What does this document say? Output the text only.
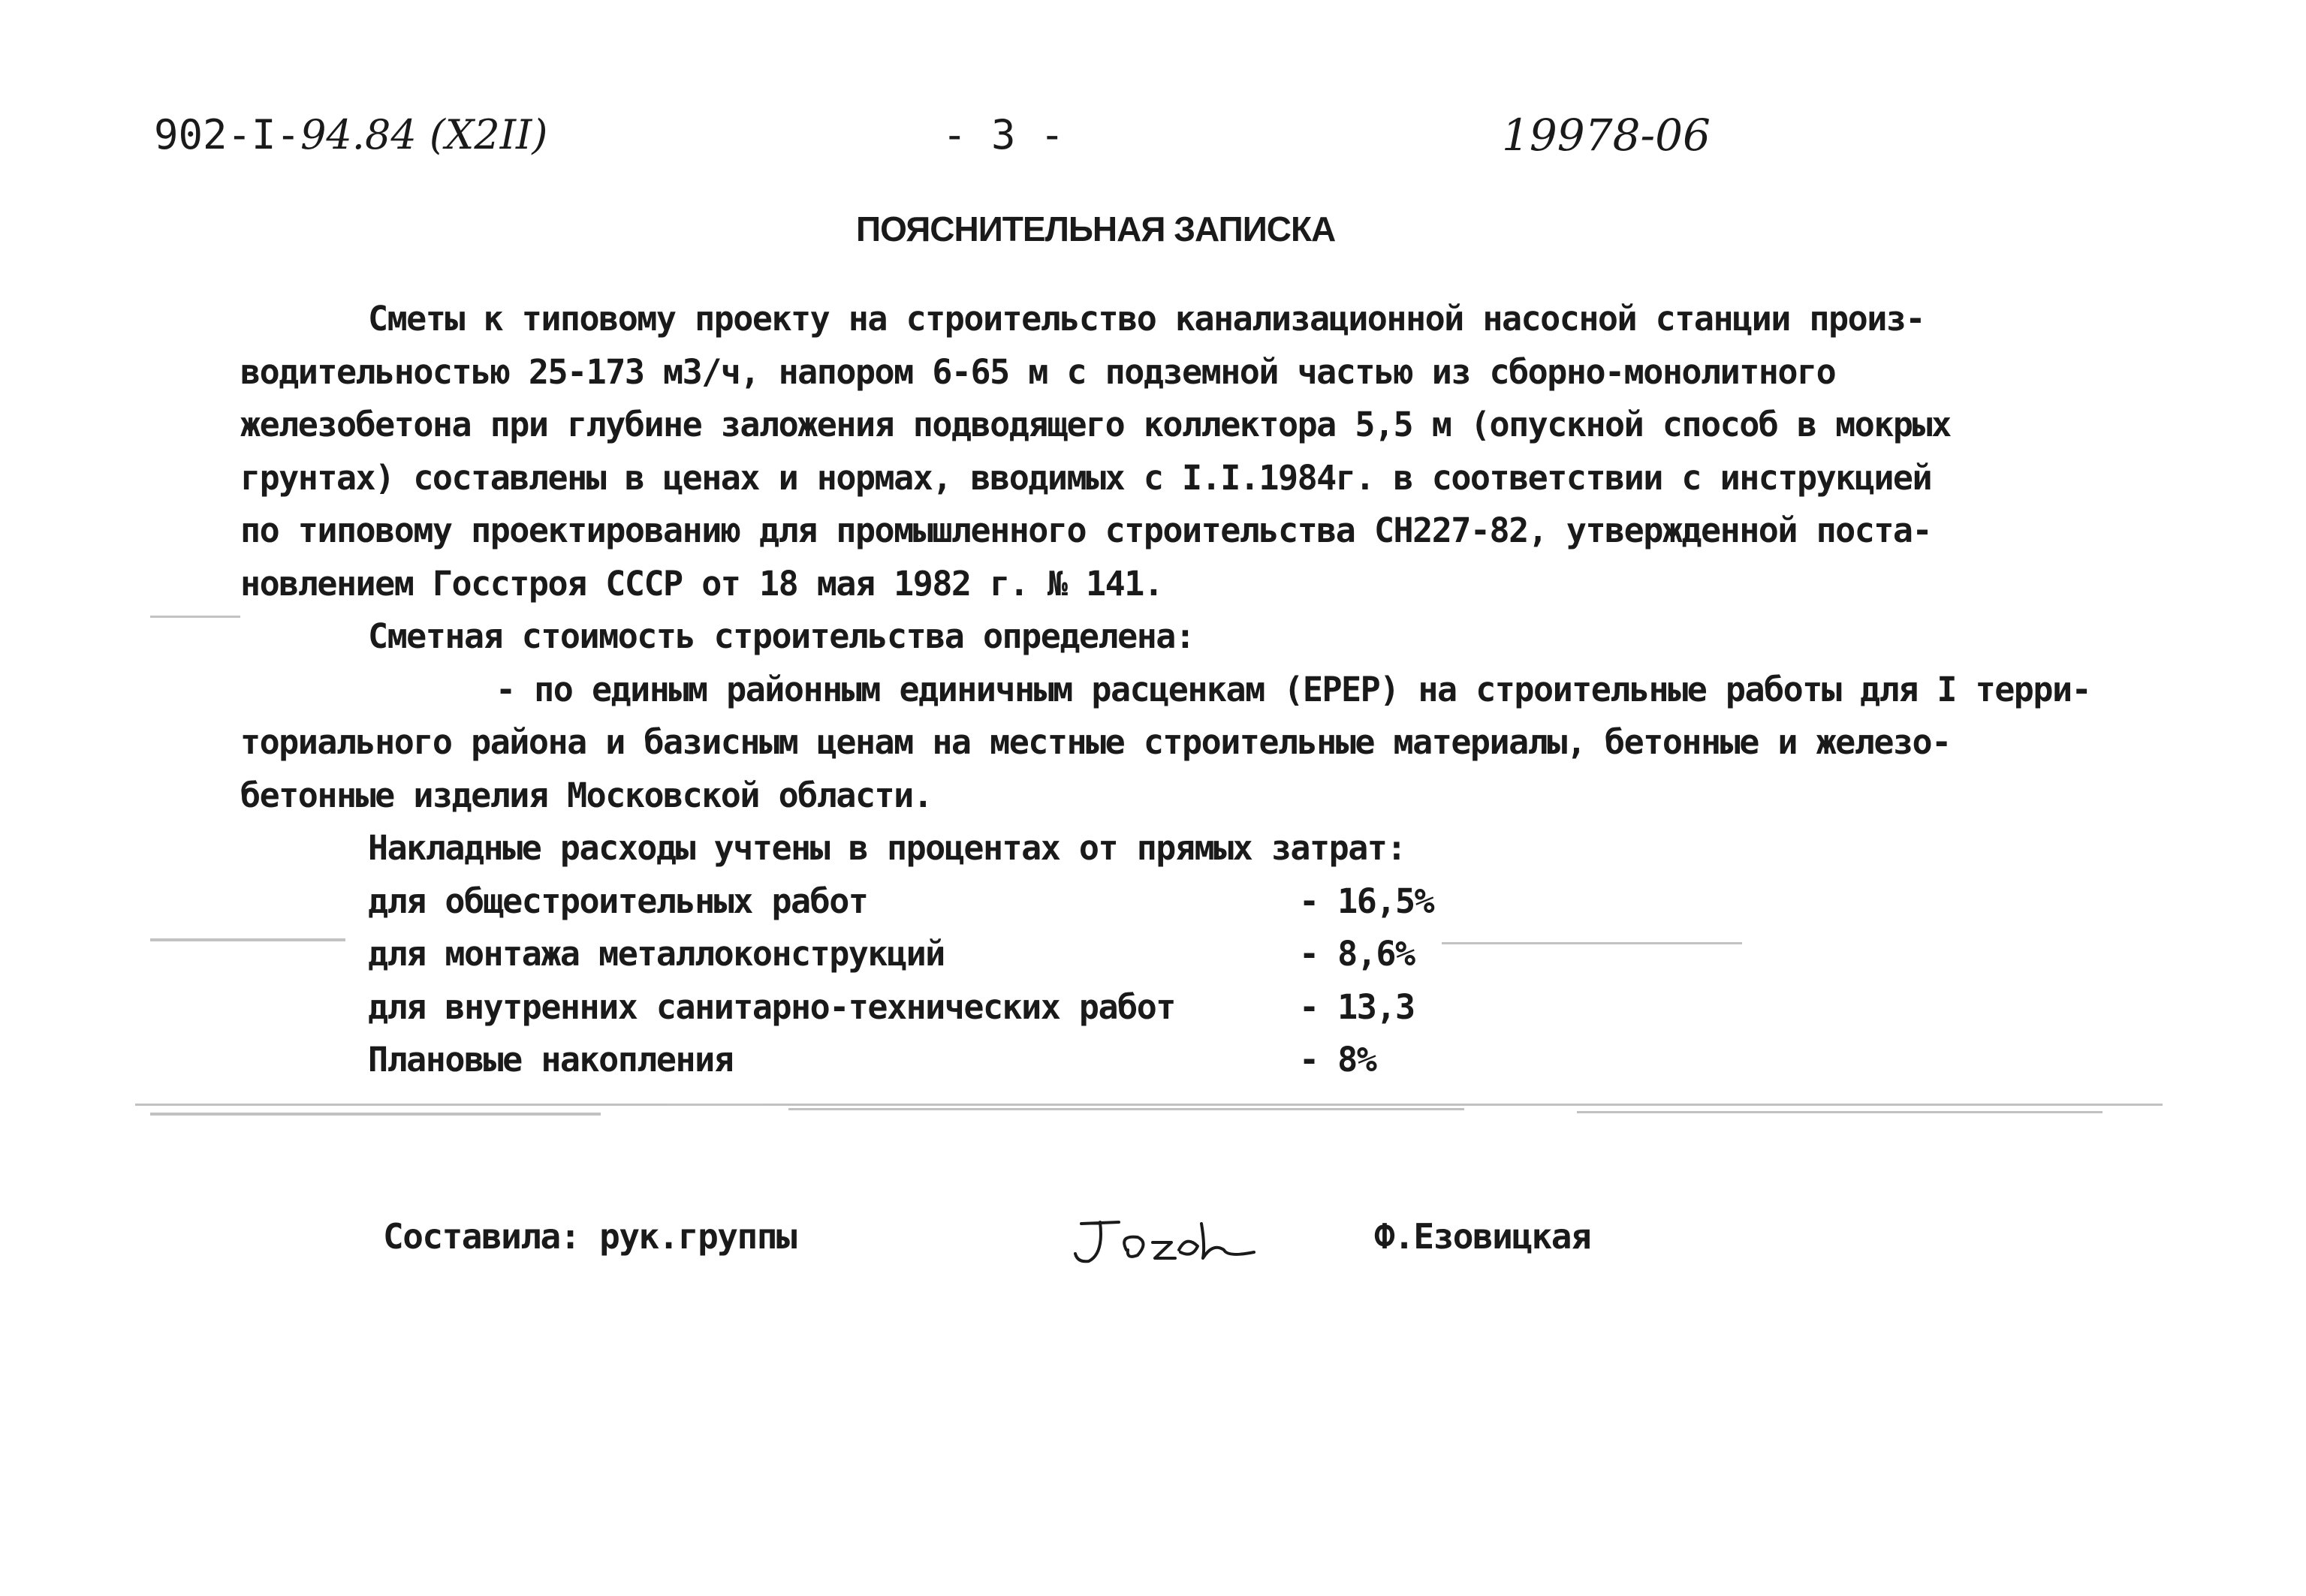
902-I-94.84 (X2II)	- 3 -	19978-06
ПОЯСНИТЕЛЬНАЯ ЗАПИСКА
Сметы к типовому проекту на строительство канализационной насосной станции произ-
водительностью 25-173 м3/ч, напором 6-65 м с подземной частью из сборно-монолитного
железобетона при глубине заложения подводящего коллектора 5,5 м (опускной способ в мокрых
грунтах) составлены в ценах и нормах, вводимых с I.I.1984г. в соответствии с инструкцией
по типовому проектированию для промышленного строительства СН227-82, утвержденной поста-
новлением Госстроя СССР от 18 мая 1982 г. № 141.
Сметная стоимость строительства определена:
- по единым районным единичным расценкам (ЕРЕР) на строительные работы для I терри-
ториального района и базисным ценам на местные строительные материалы, бетонные и железо-
бетонные изделия Московской области.
Накладные расходы учтены в процентах от прямых затрат:
для общестроительных работ	- 16,5%
для монтажа металлоконструкций	- 8,6%
для внутренних санитарно-технических работ	- 13,3
Плановые накопления	- 8%
Составила: рук.группы	Ф.Езовицкая
